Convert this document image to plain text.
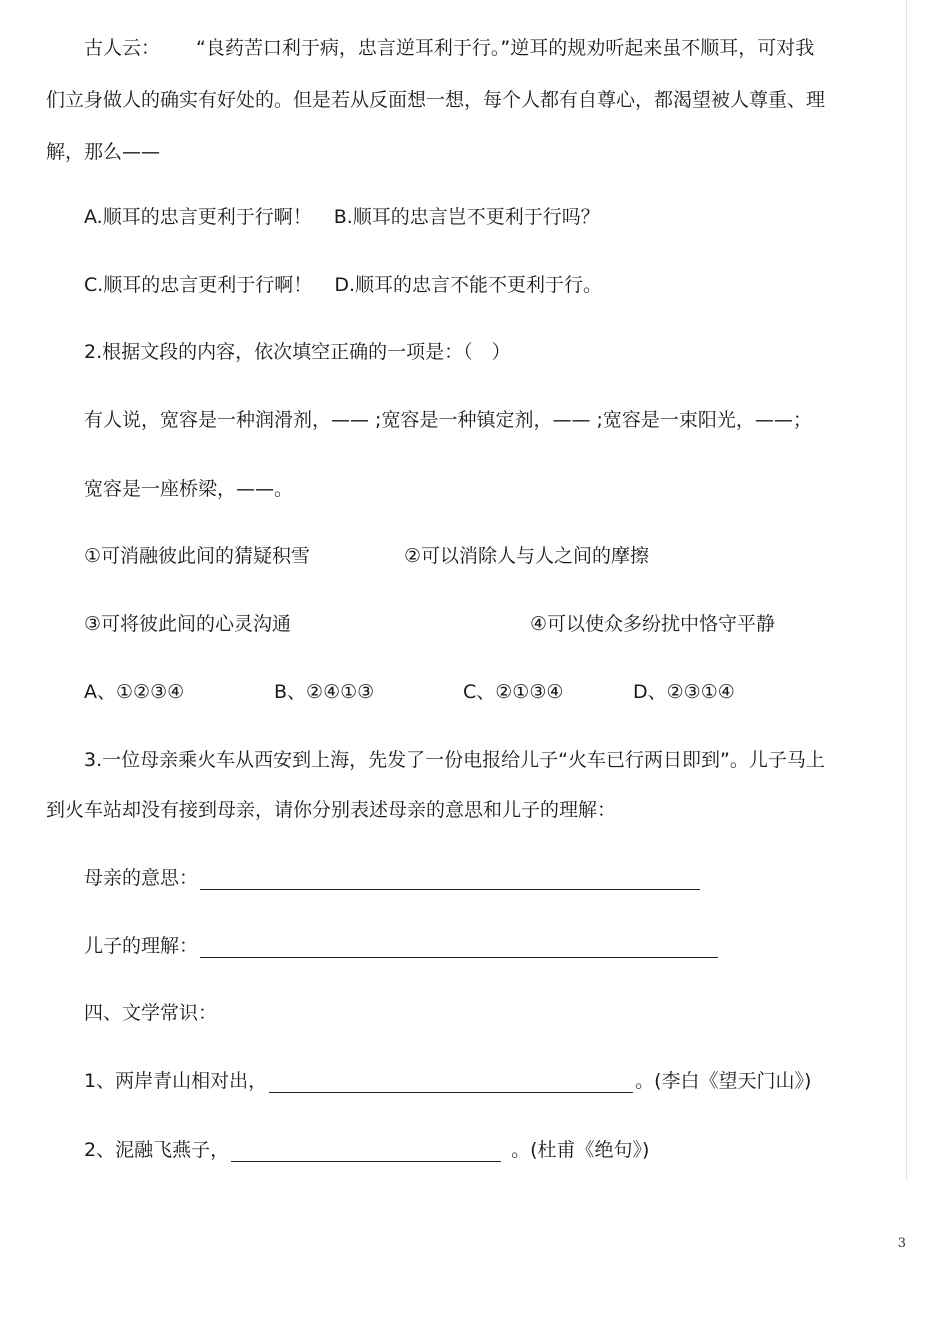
古人云： “良药苦口利于病，忠言逆耳利于行。”逆耳的规劝听起来虽不顺耳，可对我
们立身做人的确实有好处的。但是若从反面想一想，每个人都有自尊心，都渴望被人尊重、理
解，那么——
A.顺耳的忠言更利于行啊！ B.顺耳的忠言岂不更利于行吗？
C.顺耳的忠言更利于行啊！ D.顺耳的忠言不能不更利于行。
2.根据文段的内容，依次填空正确的一项是：（　）
有人说，宽容是一种润滑剂，—— ;宽容是一种镇定剂，—— ;宽容是一束阳光，——；
宽容是一座桥梁，——。
①可消融彼此间的猜疑积雪	②可以消除人与人之间的摩擦
③可将彼此间的心灵沟通	④可以使众多纷扰中恪守平静
A、①②③④	B、②④①③	C、②①③④	D、②③①④
3.一位母亲乘火车从西安到上海，先发了一份电报给儿子“火车已行两日即到”。儿子马上
到火车站却没有接到母亲，请你分别表述母亲的意思和儿子的理解：
母亲的意思：
儿子的理解：
四、文学常识：
1、两岸青山相对出，	。(李白《望天门山》)
2、泥融飞燕子，	。(杜甫《绝句》)
3
